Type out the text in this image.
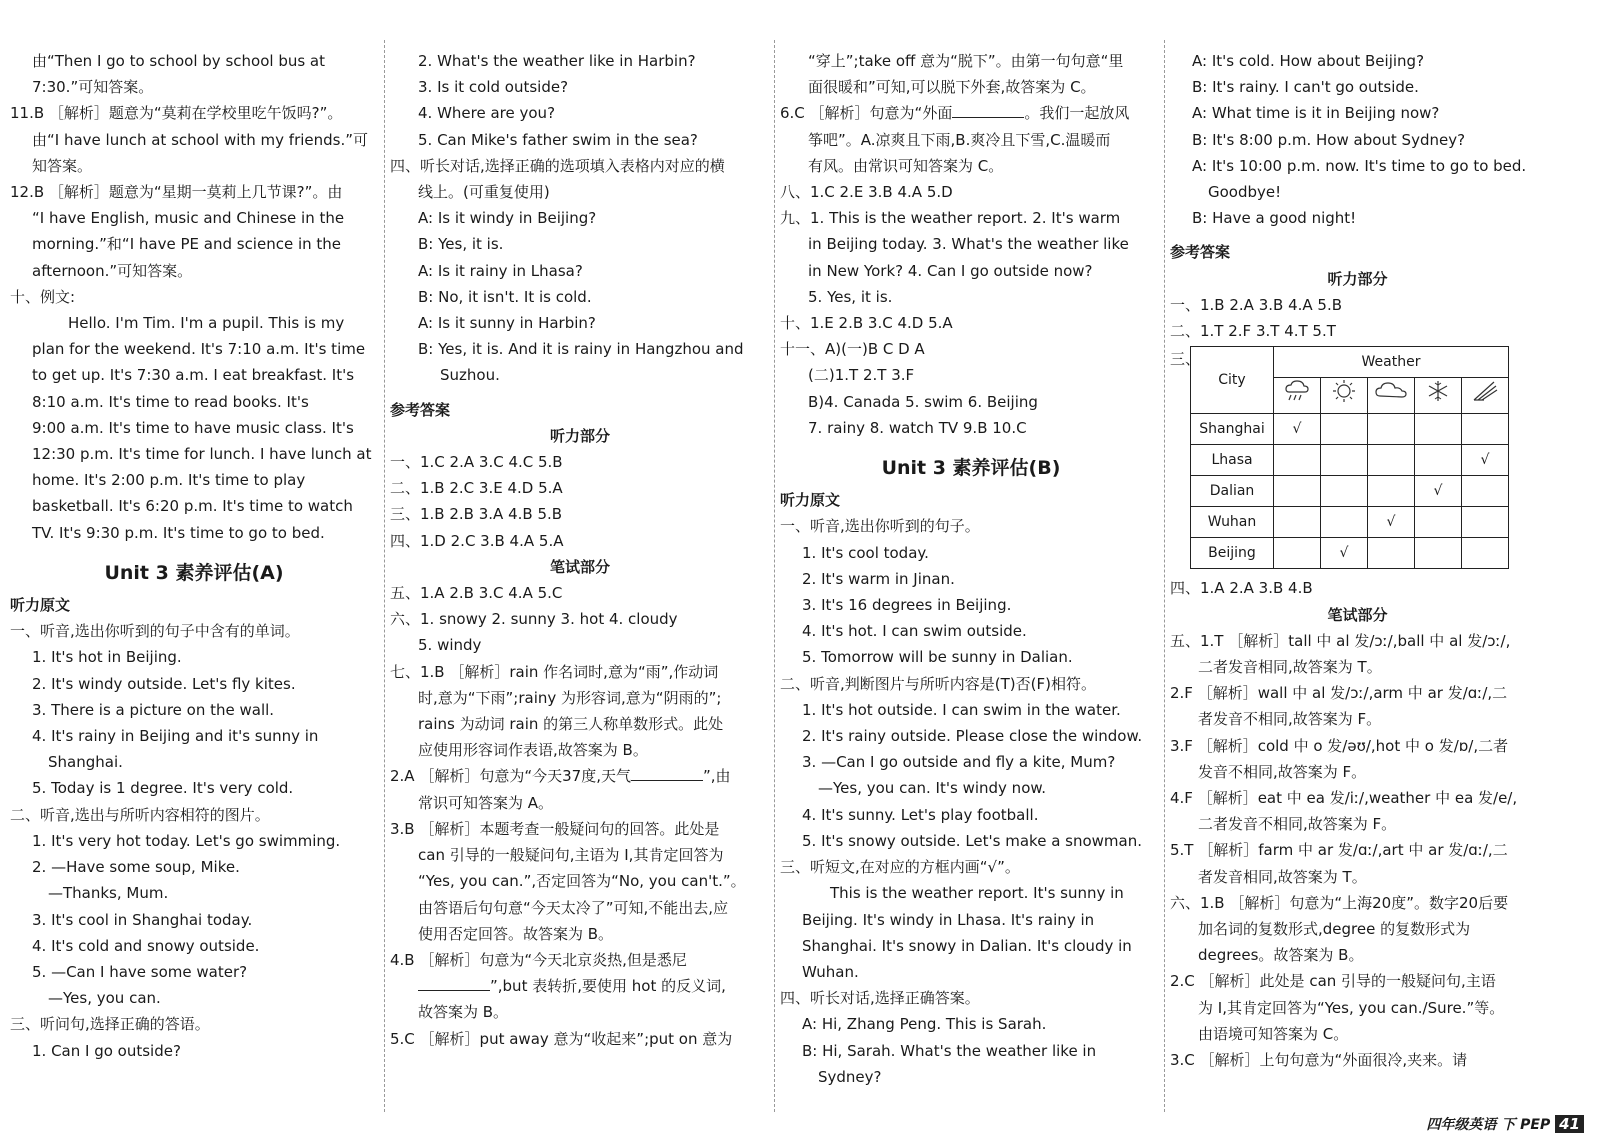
由“Then I go to school by school bus at
7:30.”可知答案。
11.B ［解析］题意为“莫莉在学校里吃午饭吗?”。
由“I have lunch at school with my friends.”可
知答案。
12.B ［解析］题意为“星期一莫莉上几节课?”。由
“I have English, music and Chinese in the
morning.”和“I have PE and science in the
afternoon.”可知答案。
十、例文:
Hello. I'm Tim. I'm a pupil. This is my
plan for the weekend. It's 7:10 a.m. It's time
to get up. It's 7:30 a.m. I eat breakfast. It's
8:10 a.m. It's time to read books. It's
9:00 a.m. It's time to have music class. It's
12:30 p.m. It's time for lunch. I have lunch at
home. It's 2:00 p.m. It's time to play
basketball. It's 6:20 p.m. It's time to watch
TV. It's 9:30 p.m. It's time to go to bed.
Unit 3 素养评估(A)
听力原文
一、听音,选出你听到的句子中含有的单词。
1. It's hot in Beijing.
2. It's windy outside. Let's fly kites.
3. There is a picture on the wall.
4. It's rainy in Beijing and it's sunny in
Shanghai.
5. Today is 1 degree. It's very cold.
二、听音,选出与所听内容相符的图片。
1. It's very hot today. Let's go swimming.
2. —Have some soup, Mike.
—Thanks, Mum.
3. It's cool in Shanghai today.
4. It's cold and snowy outside.
5. —Can I have some water?
—Yes, you can.
三、听问句,选择正确的答语。
1. Can I go outside?
2. What's the weather like in Harbin?
3. Is it cold outside?
4. Where are you?
5. Can Mike's father swim in the sea?
四、听长对话,选择正确的选项填入表格内对应的横
线上。(可重复使用)
A: Is it windy in Beijing?
B: Yes, it is.
A: Is it rainy in Lhasa?
B: No, it isn't. It is cold.
A: Is it sunny in Harbin?
B: Yes, it is. And it is rainy in Hangzhou and
Suzhou.
参考答案
听力部分
一、1.C 2.A 3.C 4.C 5.B
二、1.B 2.C 3.E 4.D 5.A
三、1.B 2.B 3.A 4.B 5.B
四、1.D 2.C 3.B 4.A 5.A
笔试部分
五、1.A 2.B 3.C 4.A 5.C
六、1. snowy 2. sunny 3. hot 4. cloudy
5. windy
七、1.B ［解析］rain 作名词时,意为“雨”,作动词
时,意为“下雨”;rainy 为形容词,意为“阴雨的”;
rains 为动词 rain 的第三人称单数形式。此处
应使用形容词作表语,故答案为 B。
2.A ［解析］句意为“今天37度,天气	”,由
常识可知答案为 A。
3.B ［解析］本题考查一般疑问句的回答。此处是
can 引导的一般疑问句,主语为 I,其肯定回答为
“Yes, you can.”,否定回答为“No, you can't.”。
由答语后句句意“今天太冷了”可知,不能出去,应
使用否定回答。故答案为 B。
4.B ［解析］句意为“今天北京炎热,但是悉尼
”,but 表转折,要使用 hot 的反义词,
故答案为 B。
5.C ［解析］put away 意为“收起来”;put on 意为
“穿上”;take off 意为“脱下”。由第一句句意“里
面很暖和”可知,可以脱下外套,故答案为 C。
6.C ［解析］句意为“外面	。我们一起放风
筝吧”。A.凉爽且下雨,B.爽冷且下雪,C.温暖而
有风。由常识可知答案为 C。
八、1.C 2.E 3.B 4.A 5.D
九、1. This is the weather report. 2. It's warm
in Beijing today. 3. What's the weather like
in New York? 4. Can I go outside now?
5. Yes, it is.
十、1.E 2.B 3.C 4.D 5.A
十一、A)(一)B C D A
(二)1.T 2.T 3.F
B)4. Canada 5. swim 6. Beijing
7. rainy 8. watch TV 9.B 10.C
Unit 3 素养评估(B)
听力原文
一、听音,选出你听到的句子。
1. It's cool today.
2. It's warm in Jinan.
3. It's 16 degrees in Beijing.
4. It's hot. I can swim outside.
5. Tomorrow will be sunny in Dalian.
二、听音,判断图片与所听内容是(T)否(F)相符。
1. It's hot outside. I can swim in the water.
2. It's rainy outside. Please close the window.
3. —Can I go outside and fly a kite, Mum?
—Yes, you can. It's windy now.
4. It's sunny. Let's play football.
5. It's snowy outside. Let's make a snowman.
三、听短文,在对应的方框内画“√”。
This is the weather report. It's sunny in
Beijing. It's windy in Lhasa. It's rainy in
Shanghai. It's snowy in Dalian. It's cloudy in
Wuhan.
四、听长对话,选择正确答案。
A: Hi, Zhang Peng. This is Sarah.
B: Hi, Sarah. What's the weather like in
Sydney?
A: It's cold. How about Beijing?
B: It's rainy. I can't go outside.
A: What time is it in Beijing now?
B: It's 8:00 p.m. How about Sydney?
A: It's 10:00 p.m. now. It's time to go to bed.
Goodbye!
B: Have a good night!
参考答案
听力部分
一、1.B 2.A 3.B 4.A 5.B
二、1.T 2.F 3.T 4.T 5.T
三、
City	Weather				

Shanghai	√				
Lhasa					√
Dalian				√	
Wuhan			√		
Beijing		√			
四、1.A 2.A 3.B 4.B
笔试部分
五、1.T ［解析］tall 中 al 发/ɔː/,ball 中 al 发/ɔː/,
二者发音相同,故答案为 T。
2.F ［解析］wall 中 al 发/ɔː/,arm 中 ar 发/ɑː/,二
者发音不相同,故答案为 F。
3.F ［解析］cold 中 o 发/əʊ/,hot 中 o 发/ɒ/,二者
发音不相同,故答案为 F。
4.F ［解析］eat 中 ea 发/iː/,weather 中 ea 发/e/,
二者发音不相同,故答案为 F。
5.T ［解析］farm 中 ar 发/ɑː/,art 中 ar 发/ɑː/,二
者发音相同,故答案为 T。
六、1.B ［解析］句意为“上海20度”。数字20后要
加名词的复数形式,degree 的复数形式为
degrees。故答案为 B。
2.C ［解析］此处是 can 引导的一般疑问句,主语
为 I,其肯定回答为“Yes, you can./Sure.”等。
由语境可知答案为 C。
3.C ［解析］上句句意为“外面很冷,夹来。请
四年级英语 下 PEP 41
